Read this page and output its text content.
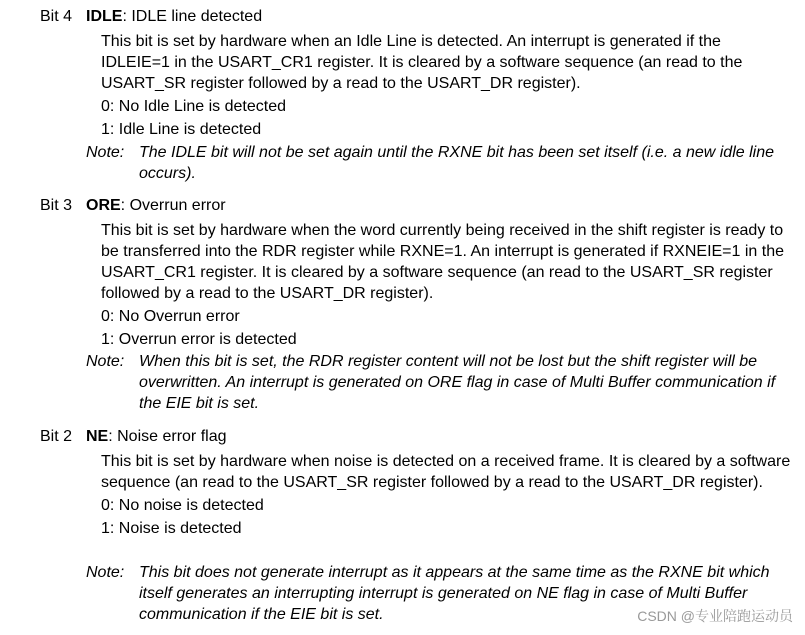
Bit 4 IDLE: IDLE line detected

This bit is set by hardware when an Idle Line is detected. An interrupt is generated if the IDLEIE=1 in the USART_CR1 register. It is cleared by a software sequence (an read to the USART_SR register followed by a read to the USART_DR register).

0: No Idle Line is detected

1: Idle Line is detected

Note: The IDLE bit will not be set again until the RXNE bit has been set itself (i.e. a new idle line occurs).
Bit 3 ORE: Overrun error

This bit is set by hardware when the word currently being received in the shift register is ready to be transferred into the RDR register while RXNE=1. An interrupt is generated if RXNEIE=1 in the USART_CR1 register. It is cleared by a software sequence (an read to the USART_SR register followed by a read to the USART_DR register).

0: No Overrun error

1: Overrun error is detected

Note: When this bit is set, the RDR register content will not be lost but the shift register will be overwritten. An interrupt is generated on ORE flag in case of Multi Buffer communication if the EIE bit is set.
Bit 2 NE: Noise error flag

This bit is set by hardware when noise is detected on a received frame. It is cleared by a software sequence (an read to the USART_SR register followed by a read to the USART_DR register).

0: No noise is detected

1: Noise is detected

Note: This bit does not generate interrupt as it appears at the same time as the RXNE bit which itself generates an interrupting interrupt is generated on NE flag in case of Multi Buffer communication if the EIE bit is set.	CSDN @专业陪跑运动员
